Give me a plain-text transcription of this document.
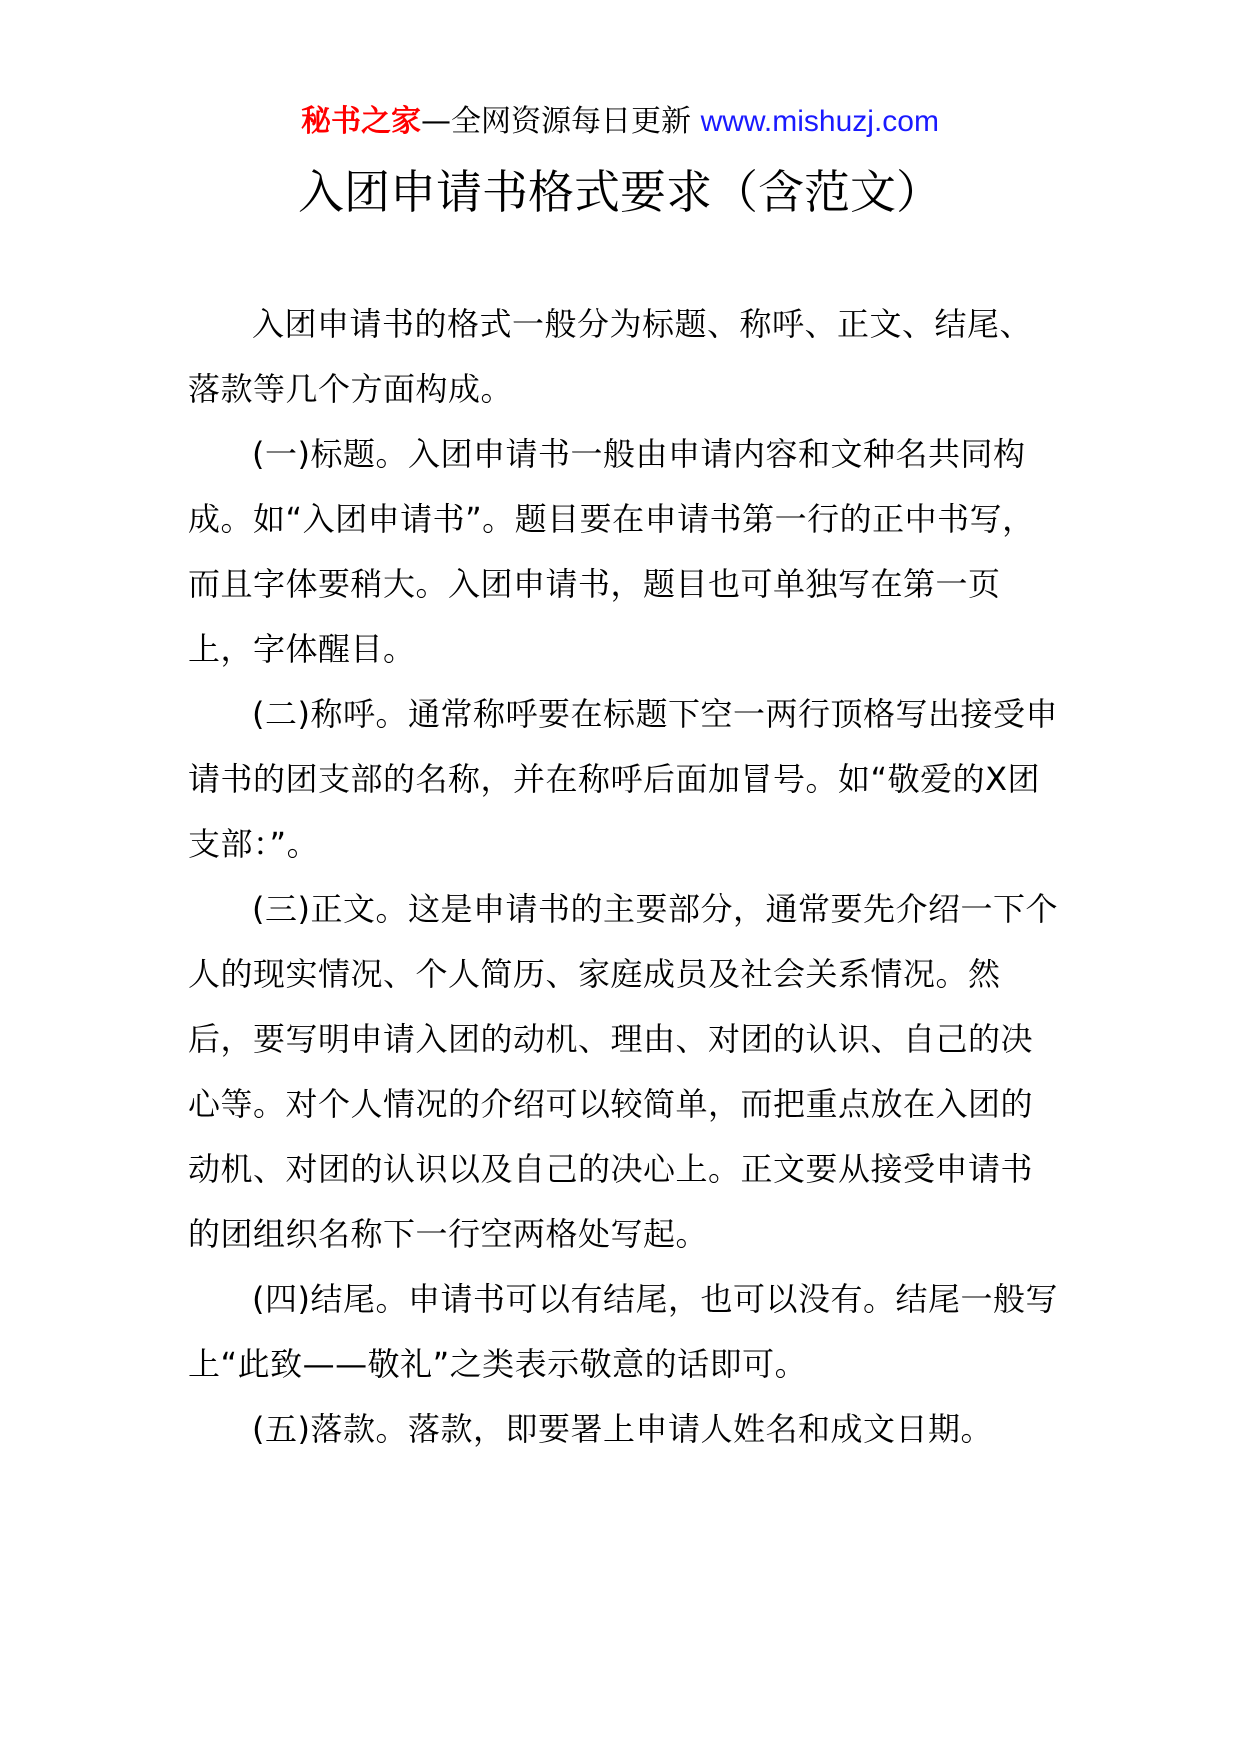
秘书之家—全网资源每日更新 www.mishuzj.com
入团申请书格式要求（含范文）

入团申请书的格式一般分为标题、称呼、正文、结尾、落款等几个方面构成。

(一)标题。入团申请书一般由申请内容和文种名共同构成。如“入团申请书”。题目要在申请书第一行的正中书写，而且字体要稍大。入团申请书，题目也可单独写在第一页上，字体醒目。

(二)称呼。通常称呼要在标题下空一两行顶格写出接受申请书的团支部的名称，并在称呼后面加冒号。如“敬爱的X团支部：”。

(三)正文。这是申请书的主要部分，通常要先介绍一下个人的现实情况、个人简历、家庭成员及社会关系情况。然后，要写明申请入团的动机、理由、对团的认识、自己的决心等。对个人情况的介绍可以较简单，而把重点放在入团的动机、对团的认识以及自己的决心上。正文要从接受申请书的团组织名称下一行空两格处写起。

(四)结尾。申请书可以有结尾，也可以没有。结尾一般写上“此致——敬礼”之类表示敬意的话即可。

(五)落款。落款，即要署上申请人姓名和成文日期。
